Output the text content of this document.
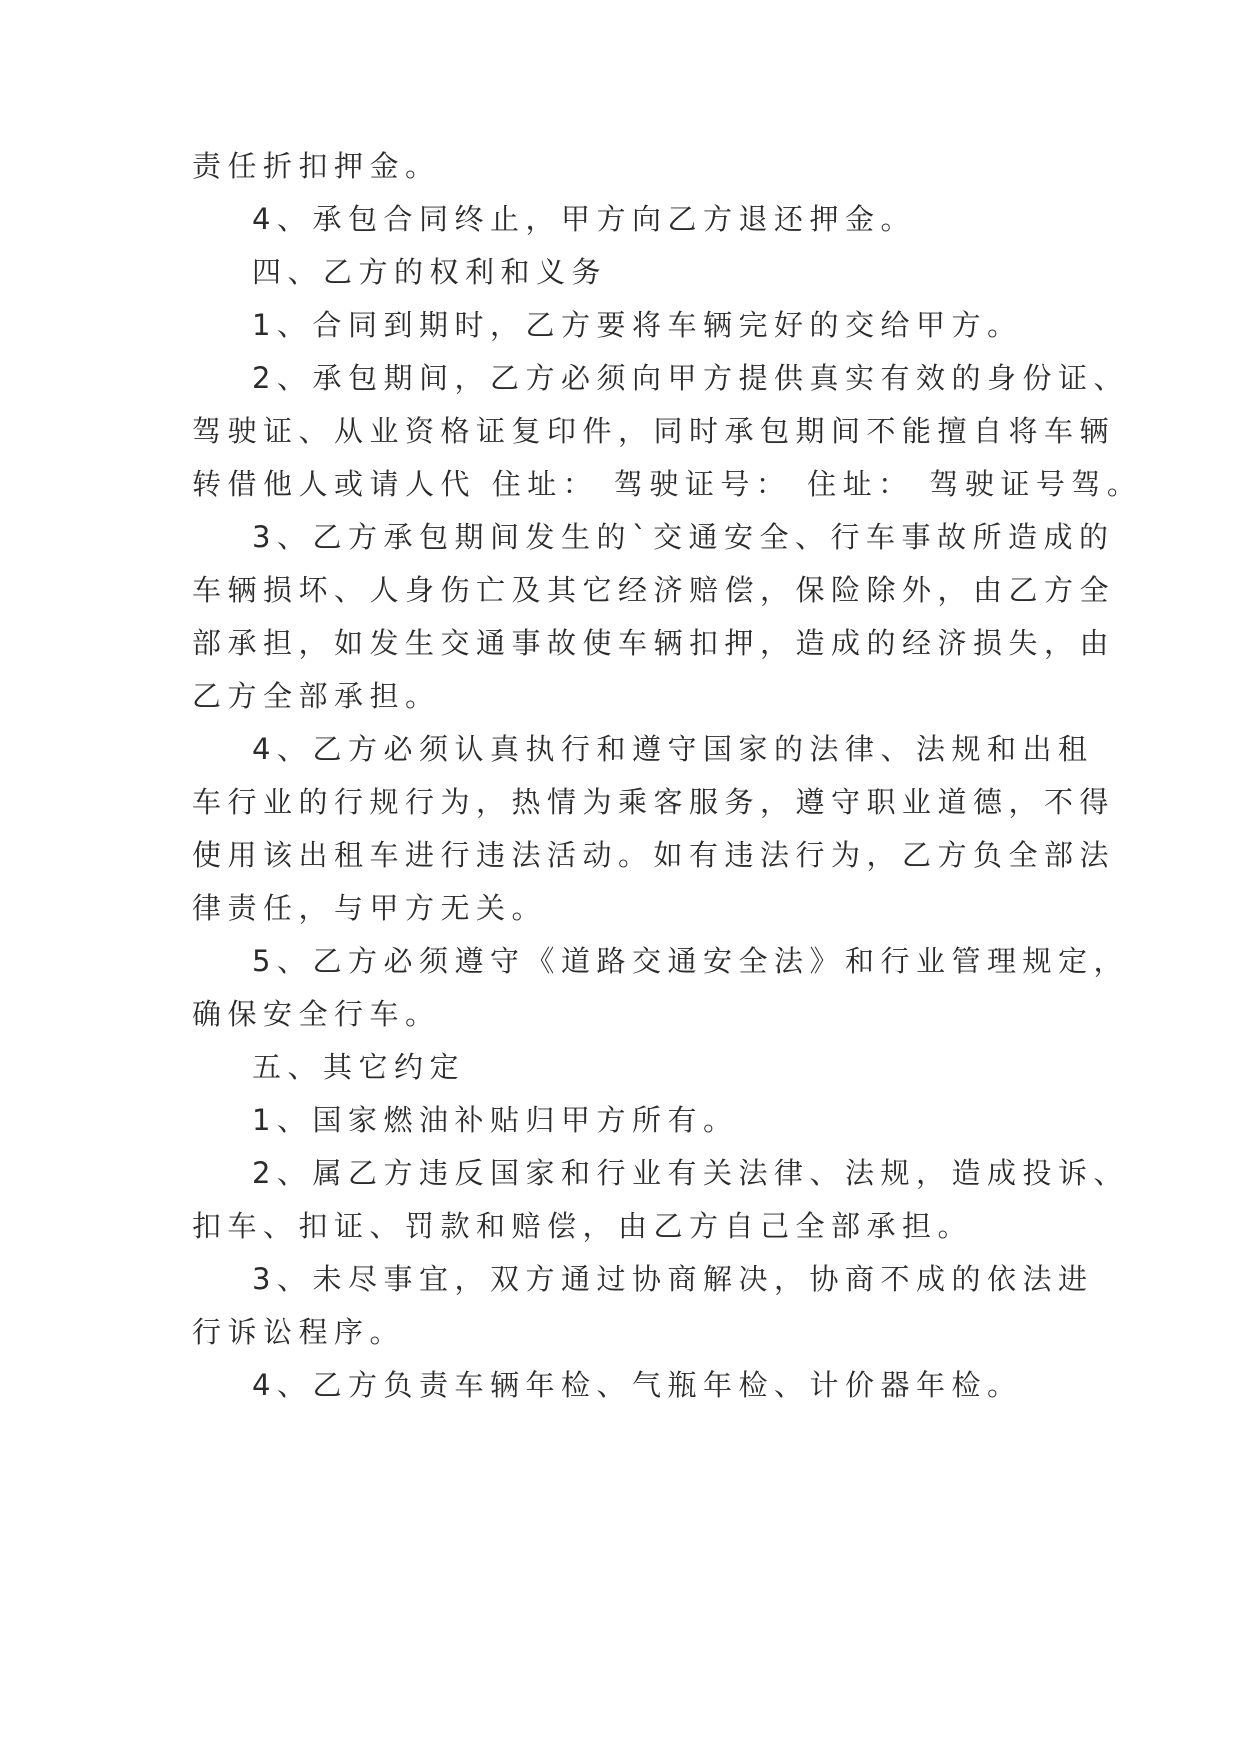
责任折扣押金。
4、承包合同终止，甲方向乙方退还押金。
四、乙方的权利和义务
1、合同到期时，乙方要将车辆完好的交给甲方。
2、承包期间，乙方必须向甲方提供真实有效的身份证、
驾驶证、从业资格证复印件，同时承包期间不能擅自将车辆
转借他人或请人代 住址： 驾驶证号： 住址： 驾驶证号驾。
3、乙方承包期间发生的`交通安全、行车事故所造成的
车辆损坏、人身伤亡及其它经济赔偿，保险除外，由乙方全
部承担，如发生交通事故使车辆扣押，造成的经济损失，由
乙方全部承担。
4、乙方必须认真执行和遵守国家的法律、法规和出租
车行业的行规行为，热情为乘客服务，遵守职业道德，不得
使用该出租车进行违法活动。如有违法行为，乙方负全部法
律责任，与甲方无关。
5、乙方必须遵守《道路交通安全法》和行业管理规定，
确保安全行车。
五、其它约定
1、国家燃油补贴归甲方所有。
2、属乙方违反国家和行业有关法律、法规，造成投诉、
扣车、扣证、罚款和赔偿，由乙方自己全部承担。
3、未尽事宜，双方通过协商解决，协商不成的依法进
行诉讼程序。
4、乙方负责车辆年检、气瓶年检、计价器年检。
